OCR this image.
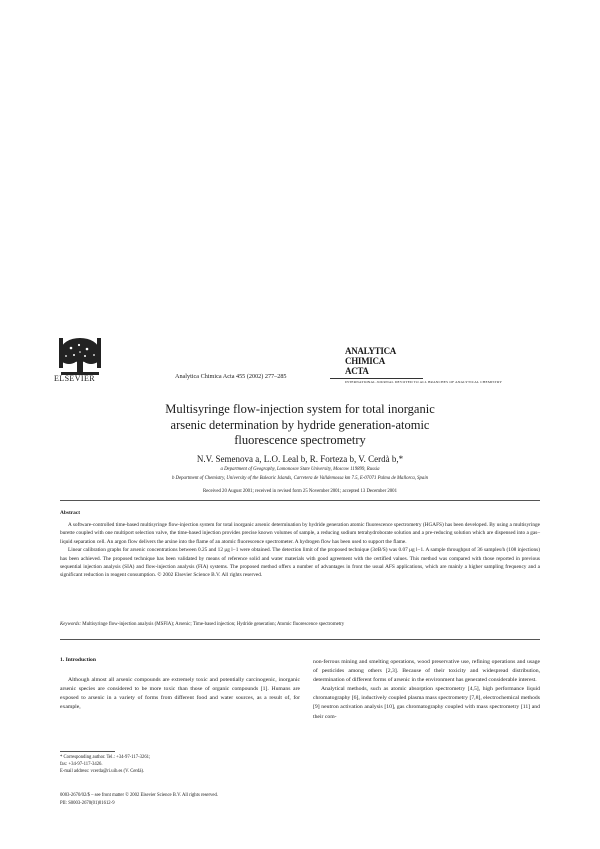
ELSEVIER	Analytica Chimica Acta 455 (2002) 277–285
ANALYTICA
CHIMICA
ACTA
INTERNATIONAL JOURNAL DEVOTED TO ALL BRANCHES OF ANALYTICAL CHEMISTRY
Multisyringe flow-injection system for total inorganic
arsenic determination by hydride generation-atomic
fluorescence spectrometry
N.V. Semenova a, L.O. Leal b, R. Forteza b, V. Cerdà b,*
a Department of Geography, Lomonosov State University, Moscow 119899, Russia
b Department of Chemistry, University of the Balearic Islands, Carretera de Valldemossa km 7.5, E-07071 Palma de Mallorca, Spain
Received 20 August 2001; received in revised form 25 November 2001; accepted 13 December 2001
Abstract

A software-controlled time-based multisyringe flow-injection system for total inorganic arsenic determination by hydride generation atomic fluorescence spectrometry (HGAFS) has been developed. By using a multisyringe burette coupled with one multiport selection valve, the time-based injection provides precise known volumes of sample, a reducing sodium tetrahydroborate solution and a pre-reducing solution which are dispensed into a gas–liquid separation cell. An argon flow delivers the arsine into the flame of an atomic fluorescence spectrometer. A hydrogen flow has been used to support the flame.

Linear calibration graphs for arsenic concentrations between 0.25 and 12 μg l−1 were obtained. The detection limit of the proposed technique (3σB/S) was 0.07 μg l−1. A sample throughput of 36 samples/h (108 injections) has been achieved. The proposed technique has been validated by means of reference solid and water materials with good agreement with the certified values. This method was compared with those reported in previous sequential injection analysis (SIA) and flow-injection analysis (FIA) systems. The proposed method offers a number of advantages in front the usual AFS applications, which are mainly a higher sampling frequency and a significant reduction in reagent consumption. © 2002 Elsevier Science B.V. All rights reserved.

Keywords: Multisyringe flow-injection analysis (MSFIA); Arsenic; Time-based injection; Hydride generation; Atomic fluorescence spectrometry
1. Introduction

Although almost all arsenic compounds are extremely toxic and potentially carcinogenic, inorganic arsenic species are considered to be more toxic than those of organic compounds [1]. Humans are exposed to arsenic in a variety of forms from different food and water sources, as a result of, for example,

non-ferrous mining and smelting operations, wood preservative use, refining operations and usage of pesticides among others [2,3]. Because of their toxicity and widespread distribution, determination of different forms of arsenic in the environment has generated considerable interest.

Analytical methods, such as atomic absorption spectrometry [4,5], high performance liquid chromatography [6], inductively coupled plasma mass spectrometry [7,8], electrochemical methods [9] neutron activation analysis [10], gas chromatography coupled with mass spectrometry [11] and their com-

* Corresponding author. Tel.: +34-97-117-3261;
fax: +34-97-117-3426.
E-mail address: vcerda@ri.uib.es (V. Cerdà).
0003-2670/02/$ – see front matter © 2002 Elsevier Science B.V. All rights reserved.
PII: S0003-2670(01)01612-9
